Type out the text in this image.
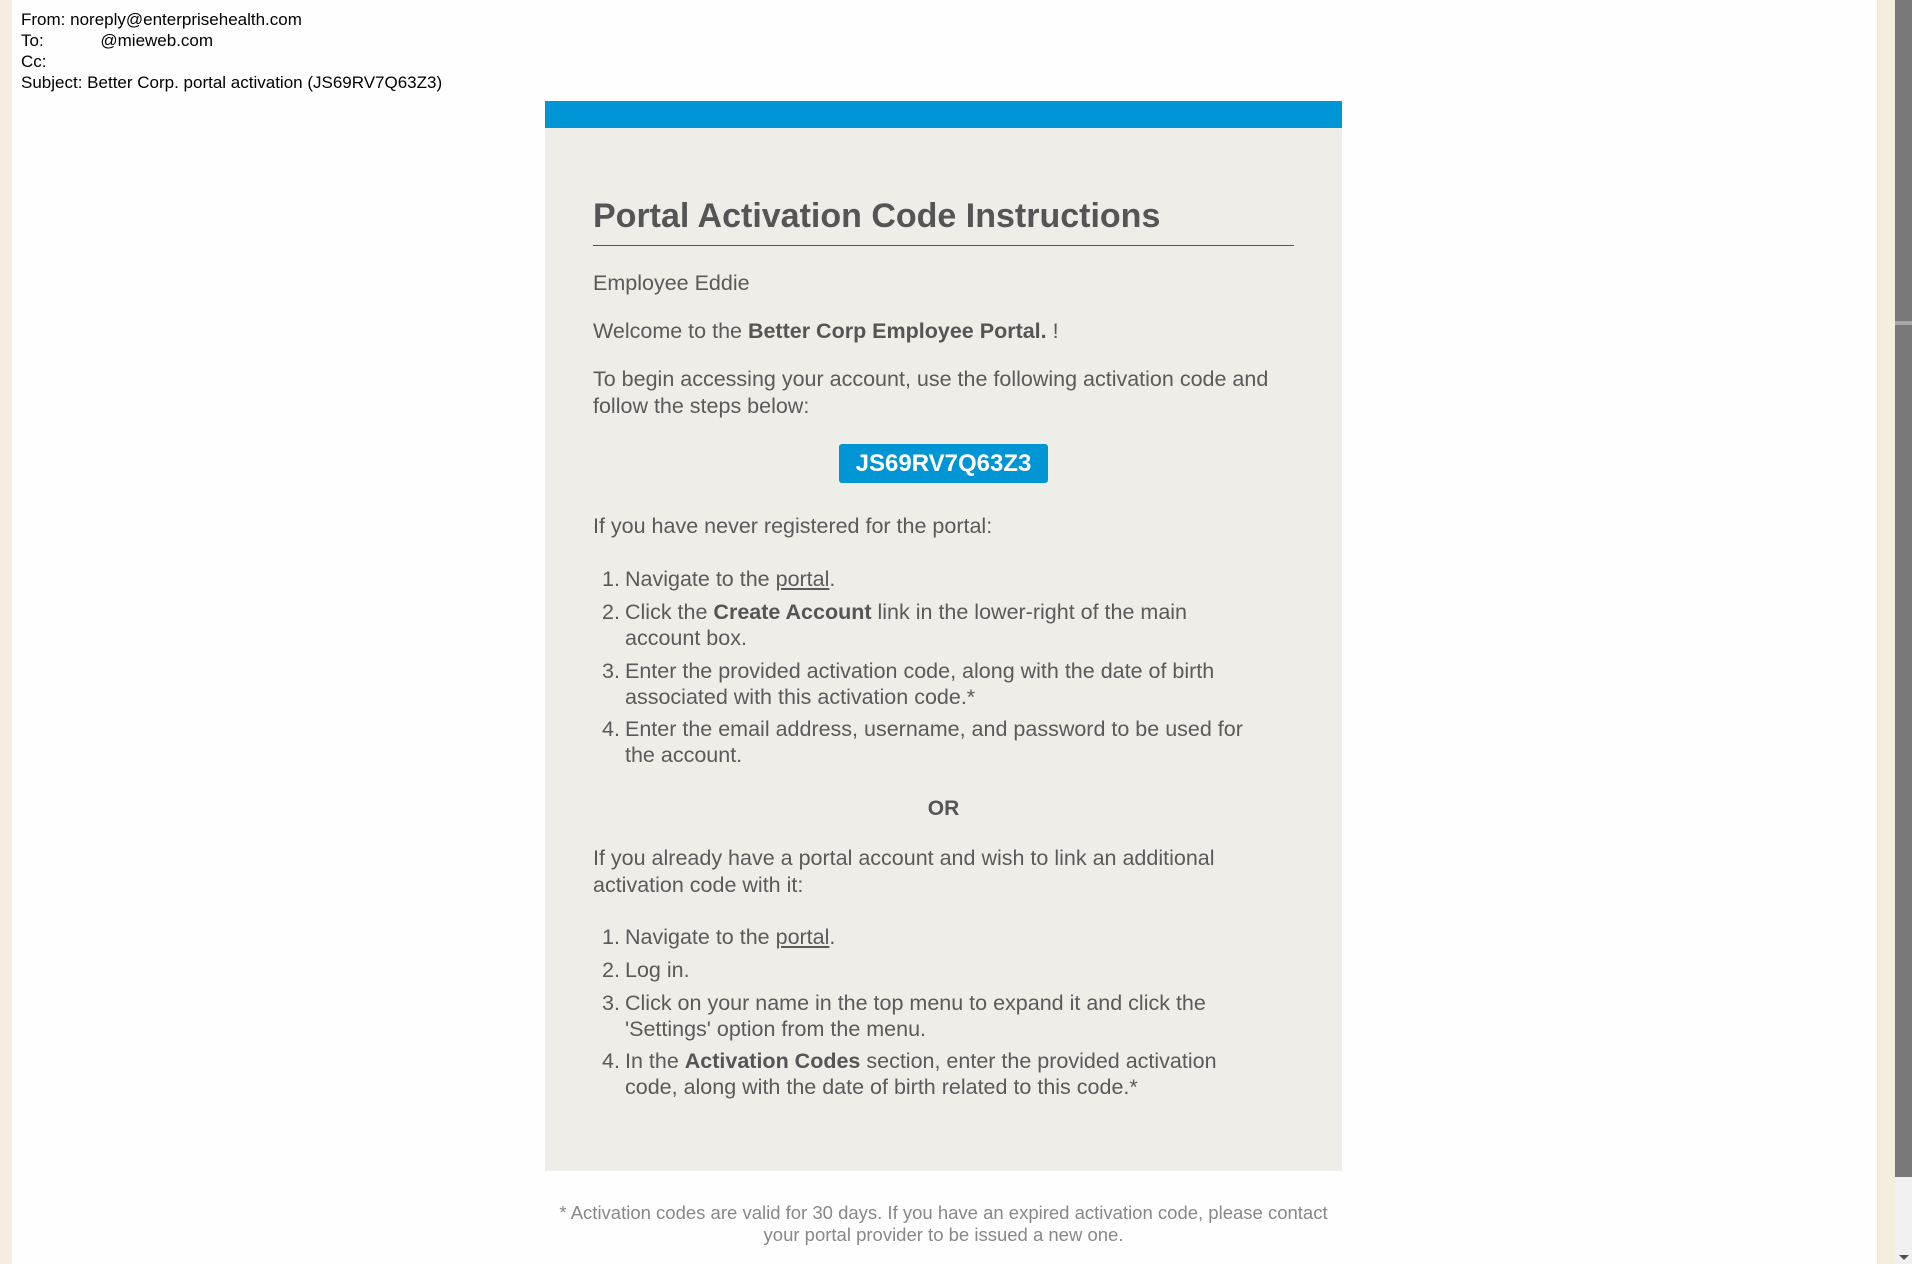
From: noreply@enterprisehealth.com
To:	@mieweb.com
Cc:
Subject: Better Corp. portal activation (JS69RV7Q63Z3)
Portal Activation Code Instructions
Employee Eddie
Welcome to the Better Corp Employee Portal. !
To begin accessing your account, use the following activation code and follow the steps below:
JS69RV7Q63Z3
If you have never registered for the portal:
1. Navigate to the portal.
2. Click the Create Account link in the lower-right of the main account box.
3. Enter the provided activation code, along with the date of birth associated with this activation code.*
4. Enter the email address, username, and password to be used for the account.
OR
If you already have a portal account and wish to link an additional activation code with it:
1. Navigate to the portal.
2. Log in.
3. Click on your name in the top menu to expand it and click the 'Settings' option from the menu.
4. In the Activation Codes section, enter the provided activation code, along with the date of birth related to this code.*
* Activation codes are valid for 30 days. If you have an expired activation code, please contact your portal provider to be issued a new one.
